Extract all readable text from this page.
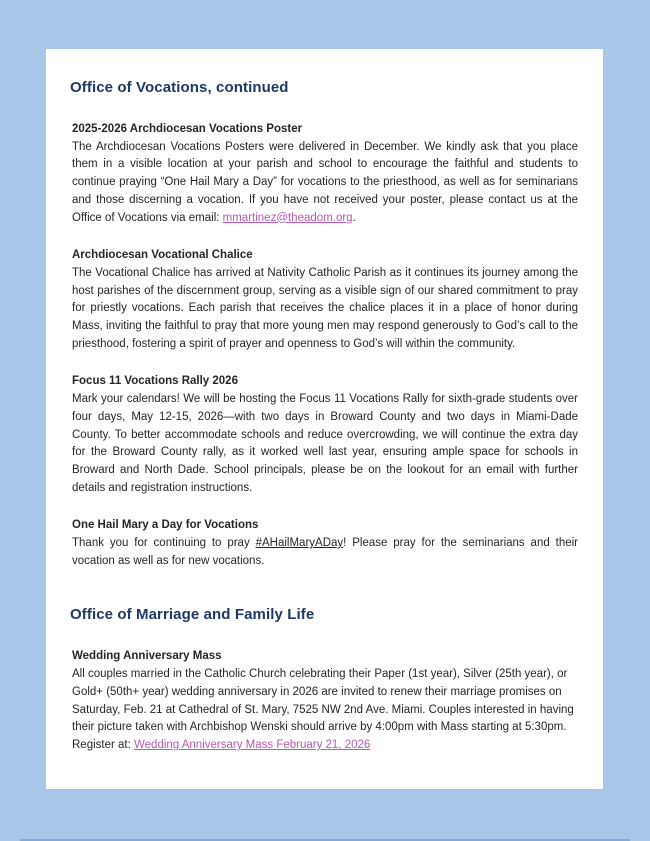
Office of Vocations, continued
2025-2026 Archdiocesan Vocations Poster

The Archdiocesan Vocations Posters were delivered in December. We kindly ask that you place them in a visible location at your parish and school to encourage the faithful and students to continue praying “One Hail Mary a Day” for vocations to the priesthood, as well as for seminarians and those discerning a vocation. If you have not received your poster, please contact us at the Office of Vocations via email: mmartinez@theadom.org.

Archdiocesan Vocational Chalice

The Vocational Chalice has arrived at Nativity Catholic Parish as it continues its journey among the host parishes of the discernment group, serving as a visible sign of our shared commitment to pray for priestly vocations. Each parish that receives the chalice places it in a place of honor during Mass, inviting the faithful to pray that more young men may respond generously to God’s call to the priesthood, fostering a spirit of prayer and openness to God’s will within the community.

Focus 11 Vocations Rally 2026

Mark your calendars! We will be hosting the Focus 11 Vocations Rally for sixth-grade students over four days, May 12-15, 2026—with two days in Broward County and two days in Miami-Dade County. To better accommodate schools and reduce overcrowding, we will continue the extra day for the Broward County rally, as it worked well last year, ensuring ample space for schools in Broward and North Dade. School principals, please be on the lookout for an email with further details and registration instructions.

One Hail Mary a Day for Vocations

Thank you for continuing to pray #AHailMaryADay! Please pray for the seminarians and their vocation as well as for new vocations.

Office of Marriage and Family Life
Wedding Anniversary Mass

All couples married in the Catholic Church celebrating their Paper (1st year), Silver (25th year), or Gold+ (50th+ year) wedding anniversary in 2026 are invited to renew their marriage promises on Saturday, Feb. 21 at Cathedral of St. Mary, 7525 NW 2nd Ave. Miami. Couples interested in having their picture taken with Archbishop Wenski should arrive by 4:00pm with Mass starting at 5:30pm. Register at: Wedding Anniversary Mass February 21, 2026
